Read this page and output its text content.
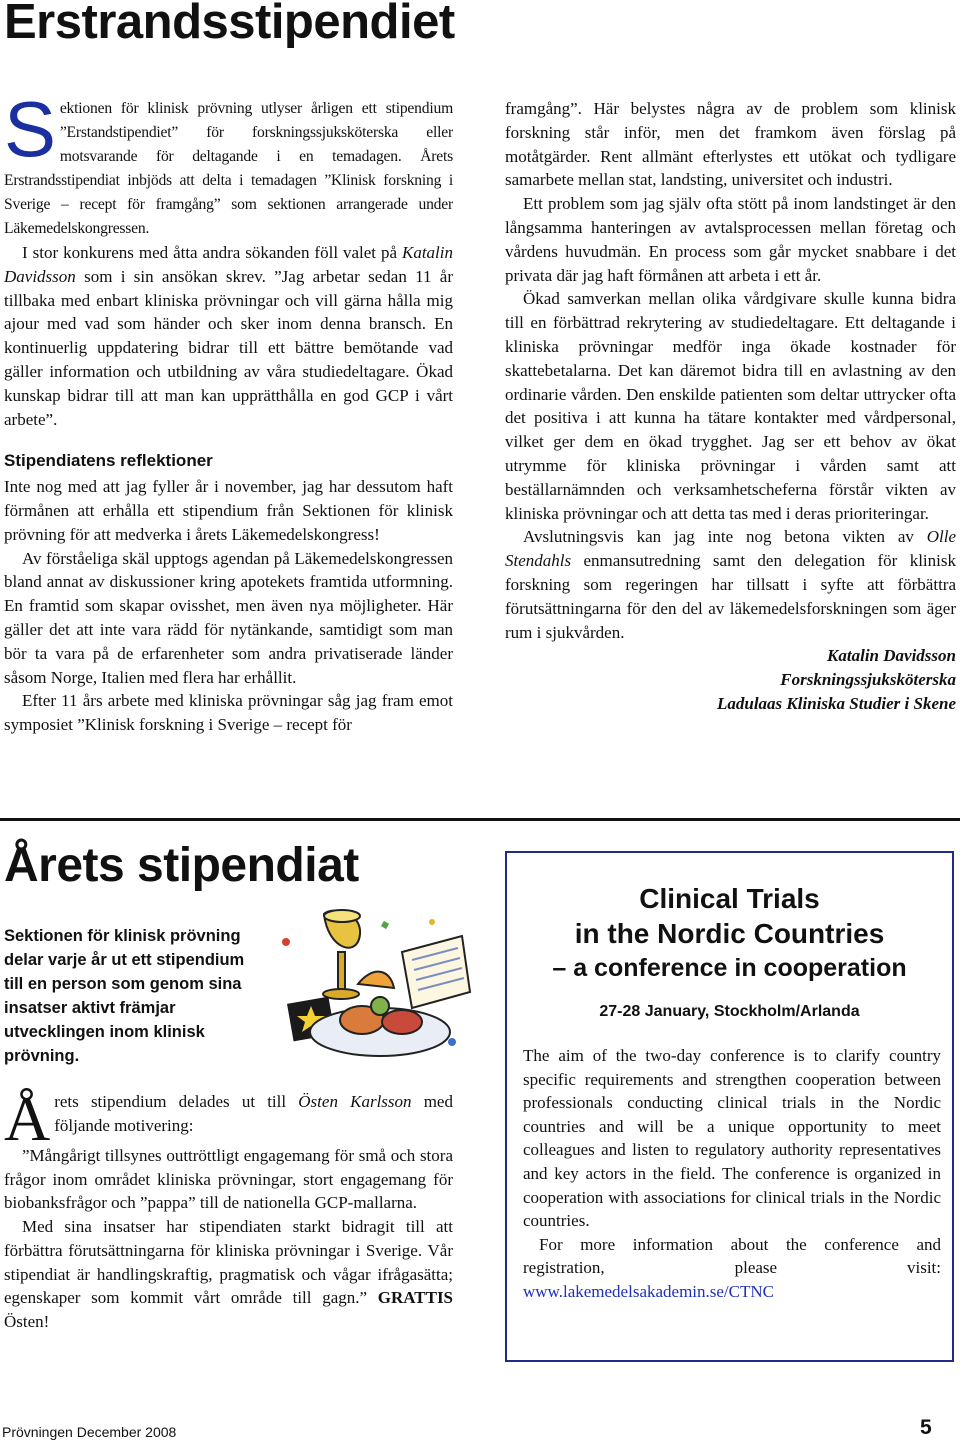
Erstrandsstipendiet

Sektionen för klinisk prövning utlyser årligen ett stipendium ”Erstandstipendiet” för forskningssjuksköterska eller motsvarande för deltagande i en temadagen. Årets Erstrandsstipendiat inbjöds att delta i temadagen ”Klinisk forskning i Sverige – recept för framgång” som sektionen arrangerade under Läkemedelskongressen.

I stor konkurens med åtta andra sökanden föll valet på Katalin Davidsson som i sin ansökan skrev. ”Jag arbetar sedan 11 år tillbaka med enbart kliniska prövningar och vill gärna hålla mig ajour med vad som händer och sker inom denna bransch. En kontinuerlig uppdatering bidrar till ett bättre bemötande vad gäller information och utbildning av våra studiedeltagare. Ökad kunskap bidrar till att man kan upprätthålla en god GCP i vårt arbete”.

Stipendiatens reflektioner

Inte nog med att jag fyller år i november, jag har dessutom haft förmånen att erhålla ett stipendium från Sektionen för klinisk prövning för att medverka i årets Läkemedelskongress!

Av förståeliga skäl upptogs agendan på Läkemedelskongressen bland annat av diskussioner kring apotekets framtida utformning. En framtid som skapar ovisshet, men även nya möjligheter. Här gäller det att inte vara rädd för nytänkande, samtidigt som man bör ta vara på de erfarenheter som andra privatiserade länder såsom Norge, Italien med flera har erhållit.

Efter 11 års arbete med kliniska prövningar såg jag fram emot symposiet ”Klinisk forskning i Sverige – recept för

framgång”. Här belystes några av de problem som klinisk forskning står inför, men det framkom även förslag på motåtgärder. Rent allmänt efterlystes ett utökat och tydligare samarbete mellan stat, landsting, universitet och industri.

Ett problem som jag själv ofta stött på inom landstinget är den långsamma hanteringen av avtalsprocessen mellan företag och vårdens huvudmän. En process som går mycket snabbare i det privata där jag haft förmånen att arbeta i ett år.

Ökad samverkan mellan olika vårdgivare skulle kunna bidra till en förbättrad rekrytering av studiedeltagare. Ett deltagande i kliniska prövningar medför inga ökade kostnader för skattebetalarna. Det kan däremot bidra till en avlastning av den ordinarie vården. Den enskilde patienten som deltar uttrycker ofta det positiva i att kunna ha tätare kontakter med vårdpersonal, vilket ger dem en ökad trygghet. Jag ser ett behov av ökat utrymme för kliniska prövningar i vården samt att beställarnämnden och verksamhetscheferna förstår vikten av kliniska prövningar och att detta tas med i deras prioriteringar.

Avslutningsvis kan jag inte nog betona vikten av Olle Stendahls enmansutredning samt den delegation för klinisk forskning som regeringen har tillsatt i syfte att förbättra förutsättningarna för den del av läkemedelsforskningen som äger rum i sjukvården.

Katalin Davidsson
Forskningssjuksköterska
Ladulaas Kliniska Studier i Skene
Årets stipendiat

Sektionen för klinisk prövning delar varje år ut ett stipendium till en person som genom sina insatser aktivt främjar utvecklingen inom klinisk prövning.

Årets stipendium delades ut till Östen Karlsson med följande motivering:

”Mångårigt tillsynes outtröttligt engagemang för små och stora frågor inom området kliniska prövningar, stort engagemang för biobanksfrågor och ”pappa” till de nationella GCP-mallarna.

Med sina insatser har stipendiaten starkt bidragit till att förbättra förutsättningarna för kliniska prövningar i Sverige. Vår stipendiat är handlingskraftig, pragmatisk och vågar ifrågasätta; egenskaper som kommit vårt område till gagn.” GRATTIS Östen!

Clinical Trials
in the Nordic Countries
– a conference in cooperation
27-28 January, Stockholm/Arlanda

The aim of the two-day conference is to clarify country specific requirements and strengthen cooperation between professionals conducting clinical trials in the Nordic countries and will be a unique opportunity to meet colleagues and listen to regulatory authority representatives and key actors in the field. The conference is organized in cooperation with associations for clinical trials in the Nordic countries.

For more information about the conference and registration, please visit: www.lakemedelsakademin.se/CTNC

Prövningen December 2008	5
